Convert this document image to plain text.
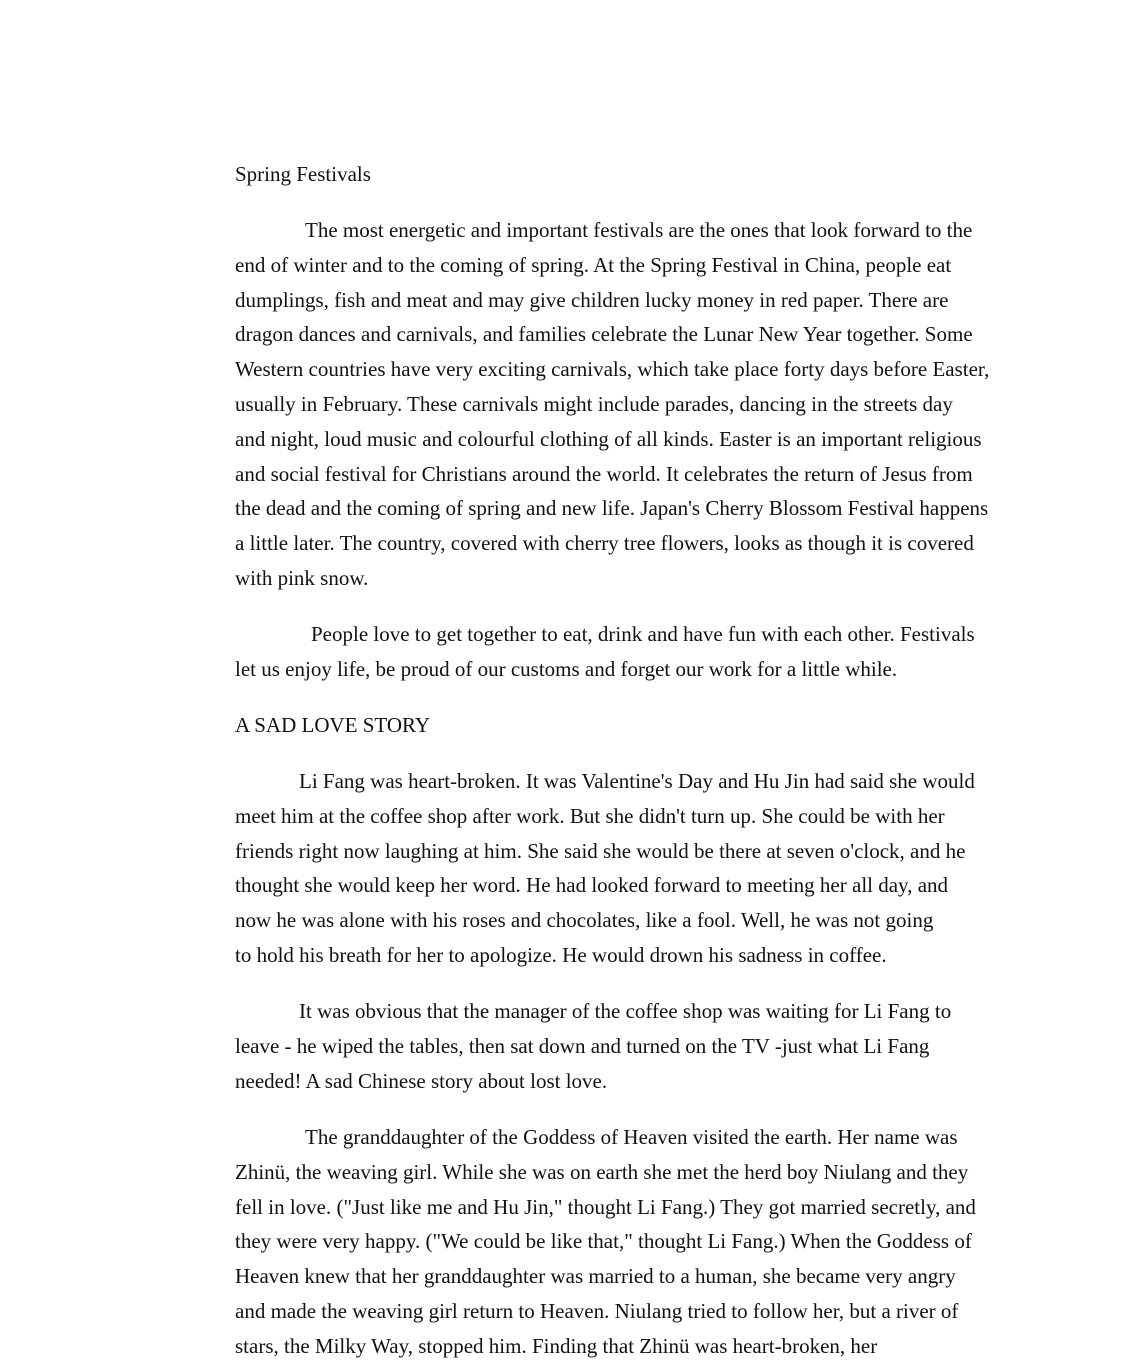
Spring Festivals
The most energetic and important festivals are the ones that look forward to the
end of winter and to the coming of spring. At the Spring Festival in China, people eat
dumplings, fish and meat and may give children lucky money in red paper. There are
dragon dances and carnivals, and families celebrate the Lunar New Year together. Some
Western countries have very exciting carnivals, which take place forty days before Easter,
usually in February. These carnivals might include parades, dancing in the streets day
and night, loud music and colourful clothing of all kinds. Easter is an important religious
and social festival for Christians around the world. It celebrates the return of Jesus from
the dead and the coming of spring and new life. Japan's Cherry Blossom Festival happens
a little later. The country, covered with cherry tree flowers, looks as though it is covered
with pink snow.
People love to get together to eat, drink and have fun with each other. Festivals
let us enjoy life, be proud of our customs and forget our work for a little while.
A SAD LOVE STORY
Li Fang was heart-broken. It was Valentine's Day and Hu Jin had said she would
meet him at the coffee shop after work. But she didn't turn up. She could be with her
friends right now laughing at him. She said she would be there at seven o'clock, and he
thought she would keep her word. He had looked forward to meeting her all day, and
now he was alone with his roses and chocolates, like a fool. Well, he was not going
to hold his breath for her to apologize. He would drown his sadness in coffee.
It was obvious that the manager of the coffee shop was waiting for Li Fang to
leave - he wiped the tables, then sat down and turned on the TV -just what Li Fang
needed! A sad Chinese story about lost love.
The granddaughter of the Goddess of Heaven visited the earth. Her name was
Zhinü, the weaving girl. While she was on earth she met the herd boy Niulang and they
fell in love. ("Just like me and Hu Jin," thought Li Fang.) They got married secretly, and
they were very happy. ("We could be like that," thought Li Fang.) When the Goddess of
Heaven knew that her granddaughter was married to a human, she became very angry
and made the weaving girl return to Heaven. Niulang tried to follow her, but a river of
stars, the Milky Way, stopped him. Finding that Zhinü was heart-broken, her
